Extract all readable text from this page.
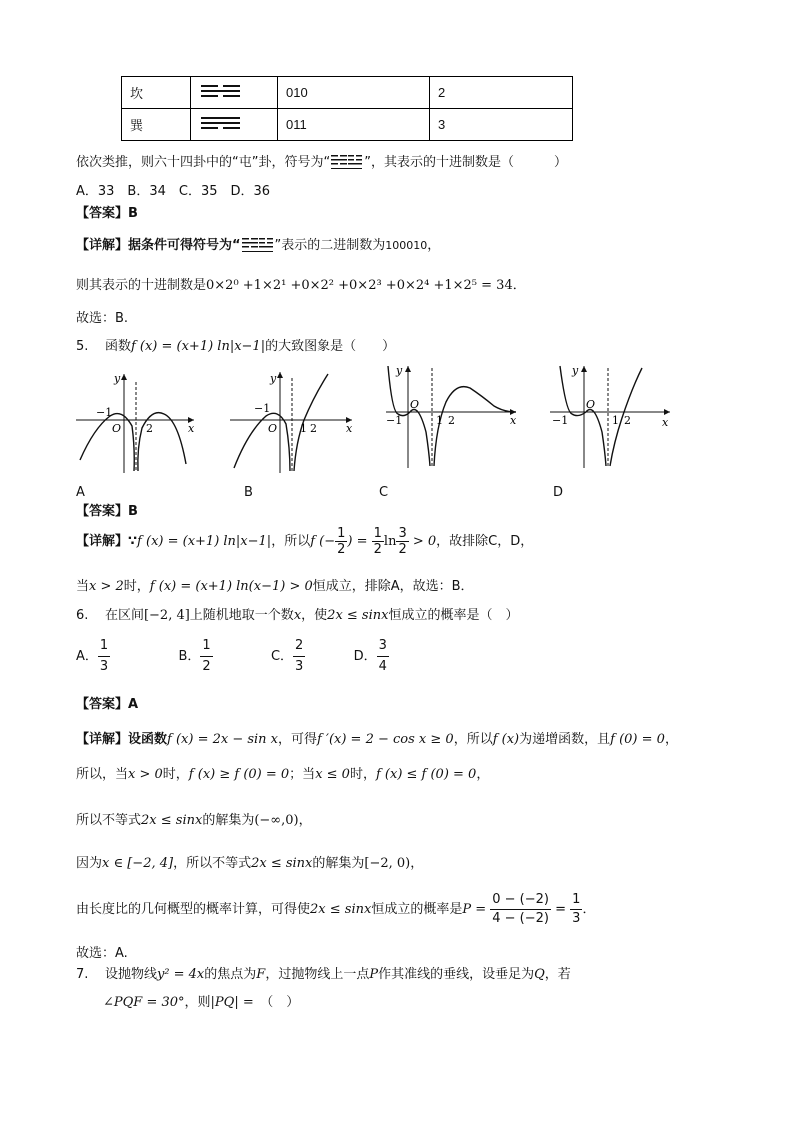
坎		010	2
巽		011	3
依次类推，则六十四卦中的“屯”卦，符号为“	”，其表示的十进制数是（	）
A．33　B．34　C．35　D．36
【答案】B
【详解】据条件可得符号为“	”表示的二进制数为100010，
则其表示的十进制数是0×2⁰ +1×2¹ +0×2² +0×2³ +0×2⁴ +1×2⁵ = 34．
故选：B.
5. 函数f (x) = (x+1) ln|x−1|的大致图象是（　　）
y
x
O
−1
2
y
x
O
−1
1 2
y
x
O
−1	1 2
y
x
O
−1	1 2
A	B	C	D
【答案】B
【详解】∵f (x) = (x+1) ln|x−1|，所以f (− $\frac{1}{2}$ ) = $\frac{1}{2}$ $\ln \frac{3}{2} > 0$，故排除C，D，
当x > 2时，f (x) = (x+1) ln(x−1) > 0恒成立，排除A，故选：B．
6. 在区间[−2, 4]上随机地取一个数x，使2x ≤ sinx恒成立的概率是（　）
A． $\frac{1}{3}$	B． $\frac{1}{2}$	C． $\frac{2}{3}$	D． $\frac{3}{4}$
【答案】A
【详解】设函数f (x) = 2x − sin x，可得f ′(x) = 2 − cos x ≥ 0，所以f (x)为递增函数，且f (0) = 0，
所以，当x > 0时，f (x) ≥ f (0) = 0；当x ≤ 0时，f (x) ≤ f (0) = 0，
所以不等式2x ≤ sinx的解集为(−∞,0)，
因为x ∈ [−2, 4]，所以不等式2x ≤ sinx的解集为[−2, 0)，
由长度比的几何概型的概率计算，可得使2x ≤ sinx恒成立的概率是$P = \frac{0 - (-2)}{4 - (-2)} = \frac{1}{3}$ ．
故选：A.
7. 设抛物线y² = 4x的焦点为F，过抛物线上一点P作其准线的垂线，设垂足为Q，若
∠PQF = 30°，则|PQ| =　（　）
